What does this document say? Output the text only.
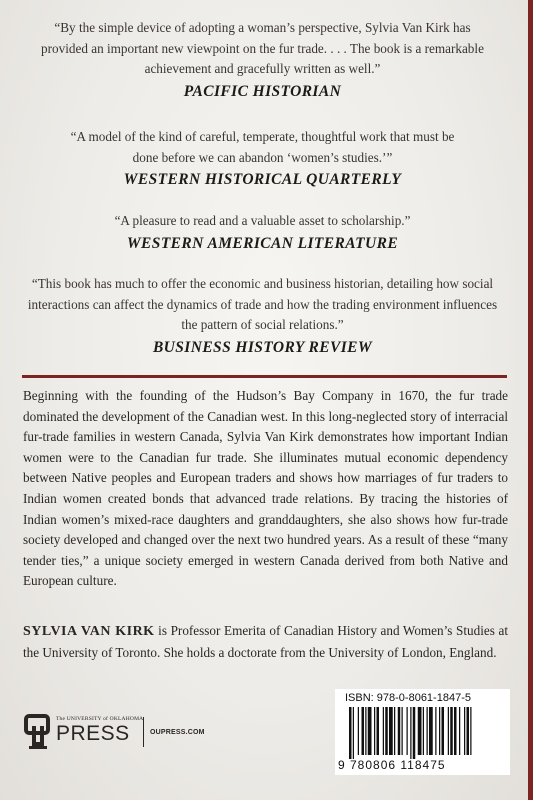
“By the simple device of adopting a woman’s perspective, Sylvia Van Kirk has provided an important new viewpoint on the fur trade. . . . The book is a remarkable achievement and gracefully written as well.”
PACIFIC HISTORIAN
“A model of the kind of careful, temperate, thoughtful work that must be done before we can abandon ‘women’s studies.’”
WESTERN HISTORICAL QUARTERLY
“A pleasure to read and a valuable asset to scholarship.”
WESTERN AMERICAN LITERATURE
“This book has much to offer the economic and business historian, detailing how social interactions can affect the dynamics of trade and how the trading environment influences the pattern of social relations.”
BUSINESS HISTORY REVIEW
Beginning with the founding of the Hudson’s Bay Company in 1670, the fur trade dominated the development of the Canadian west. In this long-neglected story of interracial fur-trade families in western Canada, Sylvia Van Kirk demonstrates how important Indian women were to the Canadian fur trade. She illuminates mutual economic dependency between Native peoples and European traders and shows how marriages of fur traders to Indian women created bonds that advanced trade relations. By tracing the histories of Indian women’s mixed-race daughters and granddaughters, she also shows how fur-trade society developed and changed over the next two hundred years. As a result of these “many tender ties,” a unique society emerged in western Canada derived from both Native and European culture.
SYLVIA VAN KIRK is Professor Emerita of Canadian History and Women’s Studies at the University of Toronto. She holds a doctorate from the University of London, England.
The UNIVERSITY of OKLAHOMA
PRESS	OUPRESS.COM
ISBN: 978-0-8061-1847-5
9 780806 118475
